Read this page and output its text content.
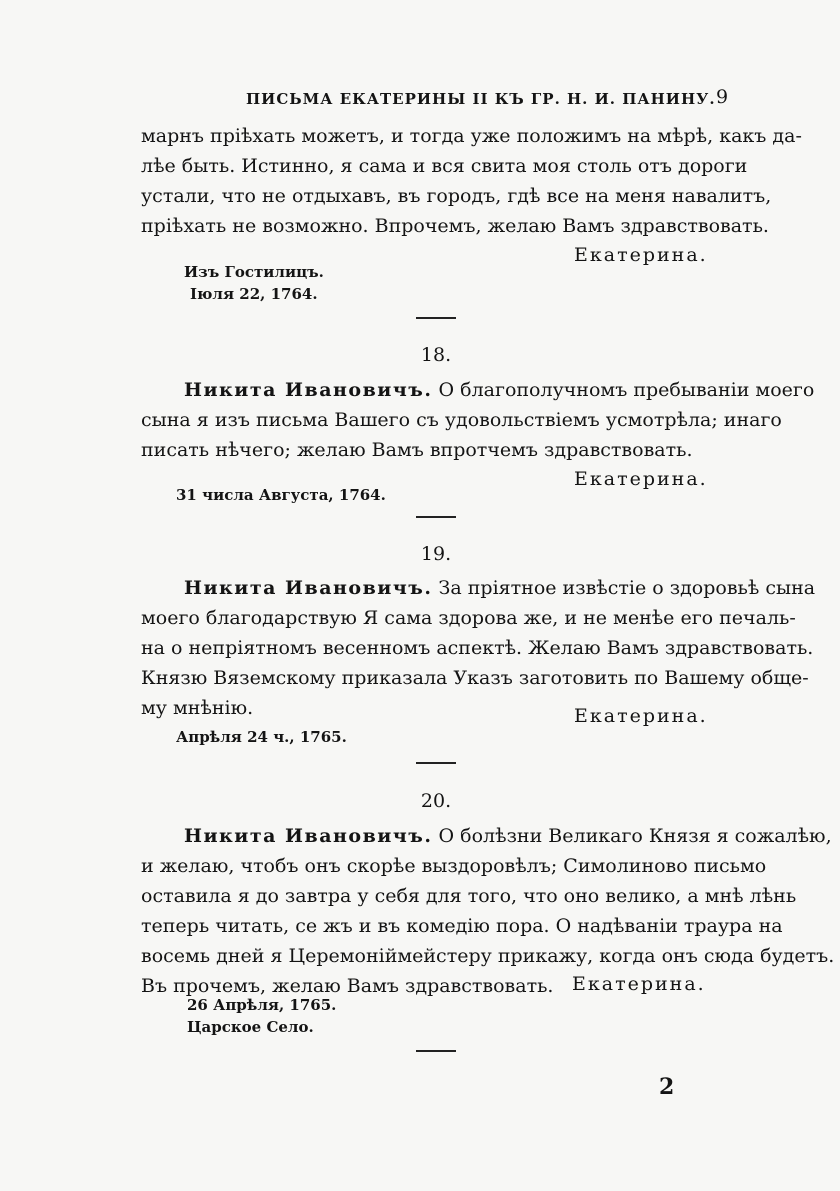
ПИСЬМА ЕКАТЕРИНЫ II КЪ ГР. Н. И. ПАНИНУ. 9
марнъ прiѣхать можетъ, и тогда уже положимъ на мѣрѣ, какъ да-
лѣе быть. Истинно, я сама и вся свита моя столь отъ дороги
устали, что не отдыхавъ, въ городъ, гдѣ все на меня навалитъ,
прiѣхать не возможно. Впрочемъ, желаю Вамъ здравствовать.
Екатерина.
Изъ Гостилицъ.
Iюля 22, 1764.
18.
Никита Ивановичъ. О благополучномъ пребыванiи моего
сына я изъ письма Вашего съ удовольствiемъ усмотрѣла; инаго
писать нѣчего; желаю Вамъ впротчемъ здравствовать.
Екатерина.
31 числа Августа, 1764.
19.
Никита Ивановичъ. За прiятное извѣстiе о здоровьѣ сына
моего благодарствую Я сама здорова же, и не менѣе его печаль-
на о непрiятномъ весенномъ аспектѣ. Желаю Вамъ здравствовать.
Князю Вяземскому приказала Указъ заготовить по Вашему обще-
му мнѣнiю.	Екатерина.
Апрѣля 24 ч., 1765.
20.
Никита Ивановичъ. О болѣзни Великаго Князя я сожалѣю,
и желаю, чтобъ онъ скорѣе выздоровѣлъ; Симолиново письмо
оставила я до завтра у себя для того, что оно велико, а мнѣ лѣнь
теперь читать, се жъ и въ комедiю пора. О надѣванiи траура на
восемь дней я Церемонiймейстеру прикажу, когда онъ сюда будетъ.
Въ прочемъ, желаю Вамъ здравствовать. Екатерина.
26 Апрѣля, 1765.
Царское Село.
2
